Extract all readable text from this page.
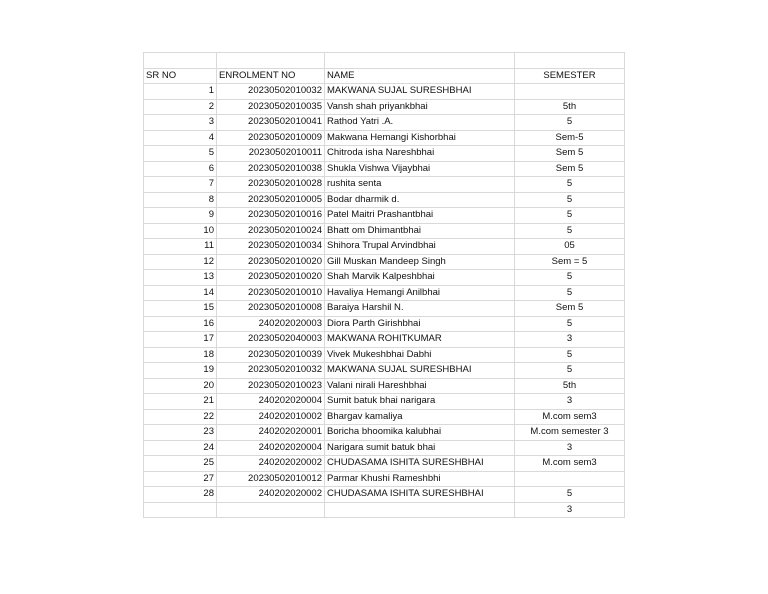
SR NO	ENROLMENT NO	NAME	SEMESTER
1	20230502010032	MAKWANA SUJAL SURESHBHAI	
2	20230502010035	Vansh shah priyankbhai	5th
3	20230502010041	Rathod Yatri .A.	5
4	20230502010009	Makwana Hemangi Kishorbhai	Sem-5
5	20230502010011	Chitroda isha Nareshbhai	Sem 5
6	20230502010038	Shukla Vishwa Vijaybhai	Sem 5
7	20230502010028	rushita senta	5
8	20230502010005	Bodar dharmik d.	5
9	20230502010016	Patel Maitri Prashantbhai	5
10	20230502010024	Bhatt om Dhimantbhai	5
11	20230502010034	Shihora Trupal Arvindbhai	05
12	20230502010020	Gill Muskan Mandeep Singh	Sem = 5
13	20230502010020	Shah Marvik Kalpeshbhai	5
14	20230502010010	Havaliya Hemangi Anilbhai	5
15	20230502010008	Baraiya Harshil N.	Sem 5
16	240202020003	Diora Parth Girishbhai	5
17	20230502040003	MAKWANA ROHITKUMAR	3
18	20230502010039	Vivek Mukeshbhai Dabhi	5
19	20230502010032	MAKWANA SUJAL SURESHBHAI	5
20	20230502010023	Valani nirali Hareshbhai	5th
21	240202020004	Sumit batuk bhai narigara	3
22	240202010002	Bhargav kamaliya	M.com sem3
23	240202020001	Boricha bhoomika kalubhai	M.com semester 3
24	240202020004	Narigara sumit batuk bhai	3
25	240202020002	CHUDASAMA ISHITA SURESHBHAI	M.com sem3
27	20230502010012	Parmar Khushi Rameshbhi	
28	240202020002	CHUDASAMA ISHITA SURESHBHAI	5
			3
